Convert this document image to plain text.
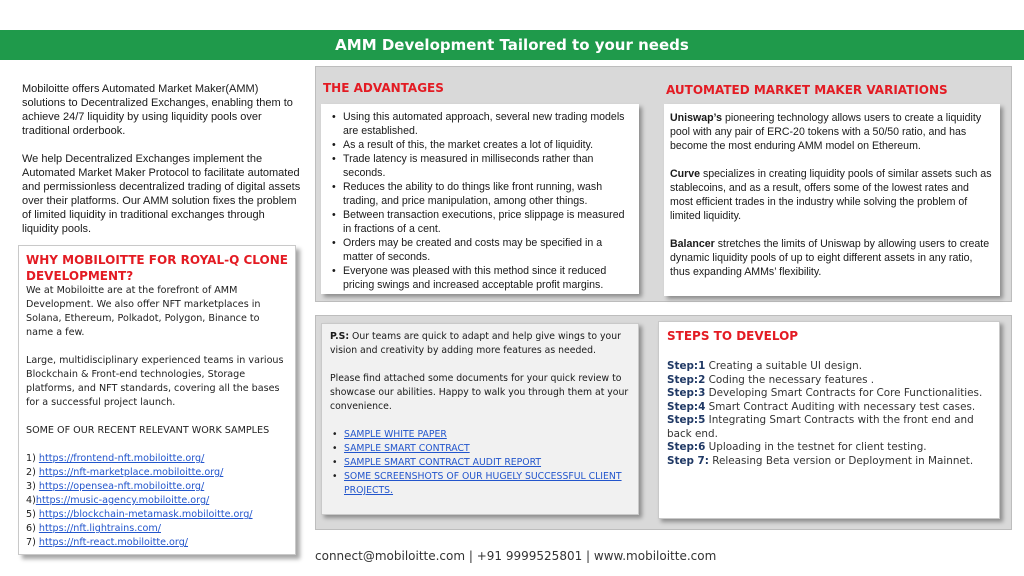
AMM Development Tailored to your needs

Mobiloitte offers Automated Market Maker(AMM) solutions to Decentralized Exchanges, enabling them to achieve 24/7 liquidity by using liquidity pools over traditional orderbook.

We help Decentralized Exchanges implement the Automated Market Maker Protocol to facilitate automated and permissionless decentralized trading of digital assets over their platforms. Our AMM solution fixes the problem of limited liquidity in traditional exchanges through liquidity pools.

WHY MOBILOITTE FOR ROYAL-Q CLONE DEVELOPMENT?

We at Mobiloitte are at the forefront of AMM Development. We also offer NFT marketplaces in Solana, Ethereum, Polkadot, Polygon, Binance to name a few.

Large, multidisciplinary experienced teams in various Blockchain & Front-end technologies, Storage platforms, and NFT standards, covering all the bases for a successful project launch.

SOME OF OUR RECENT RELEVANT WORK SAMPLES

1) https://frontend-nft.mobiloitte.org/
2) https://nft-marketplace.mobiloitte.org/
3) https://opensea-nft.mobiloitte.org/
4)https://music-agency.mobiloitte.org/
5) https://blockchain-metamask.mobiloitte.org/
6) https://nft.lightrains.com/
7) https://nft-react.mobiloitte.org/
THE ADVANTAGES	AUTOMATED MARKET MAKER VARIATIONS
• Using this automated approach, several new trading models are established.
• As a result of this, the market creates a lot of liquidity.
• Trade latency is measured in milliseconds rather than seconds.
• Reduces the ability to do things like front running, wash trading, and price manipulation, among other things.
• Between transaction executions, price slippage is measured in fractions of a cent.
• Orders may be created and costs may be specified in a matter of seconds.
• Everyone was pleased with this method since it reduced pricing swings and increased acceptable profit margins.

Uniswap’s pioneering technology allows users to create a liquidity pool with any pair of ERC-20 tokens with a 50/50 ratio, and has become the most enduring AMM model on Ethereum.

Curve specializes in creating liquidity pools of similar assets such as stablecoins, and as a result, offers some of the lowest rates and most efficient trades in the industry while solving the problem of limited liquidity.

Balancer stretches the limits of Uniswap by allowing users to create dynamic liquidity pools of up to eight different assets in any ratio, thus expanding AMMs’ flexibility.

P.S: Our teams are quick to adapt and help give wings to your vision and creativity by adding more features as needed.

Please find attached some documents for your quick review to showcase our abilities. Happy to walk you through them at your convenience.

• SAMPLE WHITE PAPER
• SAMPLE SMART CONTRACT
• SAMPLE SMART CONTRACT AUDIT REPORT
• SOME SCREENSHOTS OF OUR HUGELY SUCCESSFUL CLIENT PROJECTS.
STEPS TO DEVELOP
Step:1 Creating a suitable UI design.
Step:2 Coding the necessary features .
Step:3 Developing Smart Contracts for Core Functionalities.
Step:4 Smart Contract Auditing with necessary test cases.
Step:5 Integrating Smart Contracts with the front end and back end.
Step:6 Uploading in the testnet for client testing.
Step 7: Releasing Beta version or Deployment in Mainnet.
connect@mobiloitte.com | +91 9999525801 | www.mobiloitte.com
